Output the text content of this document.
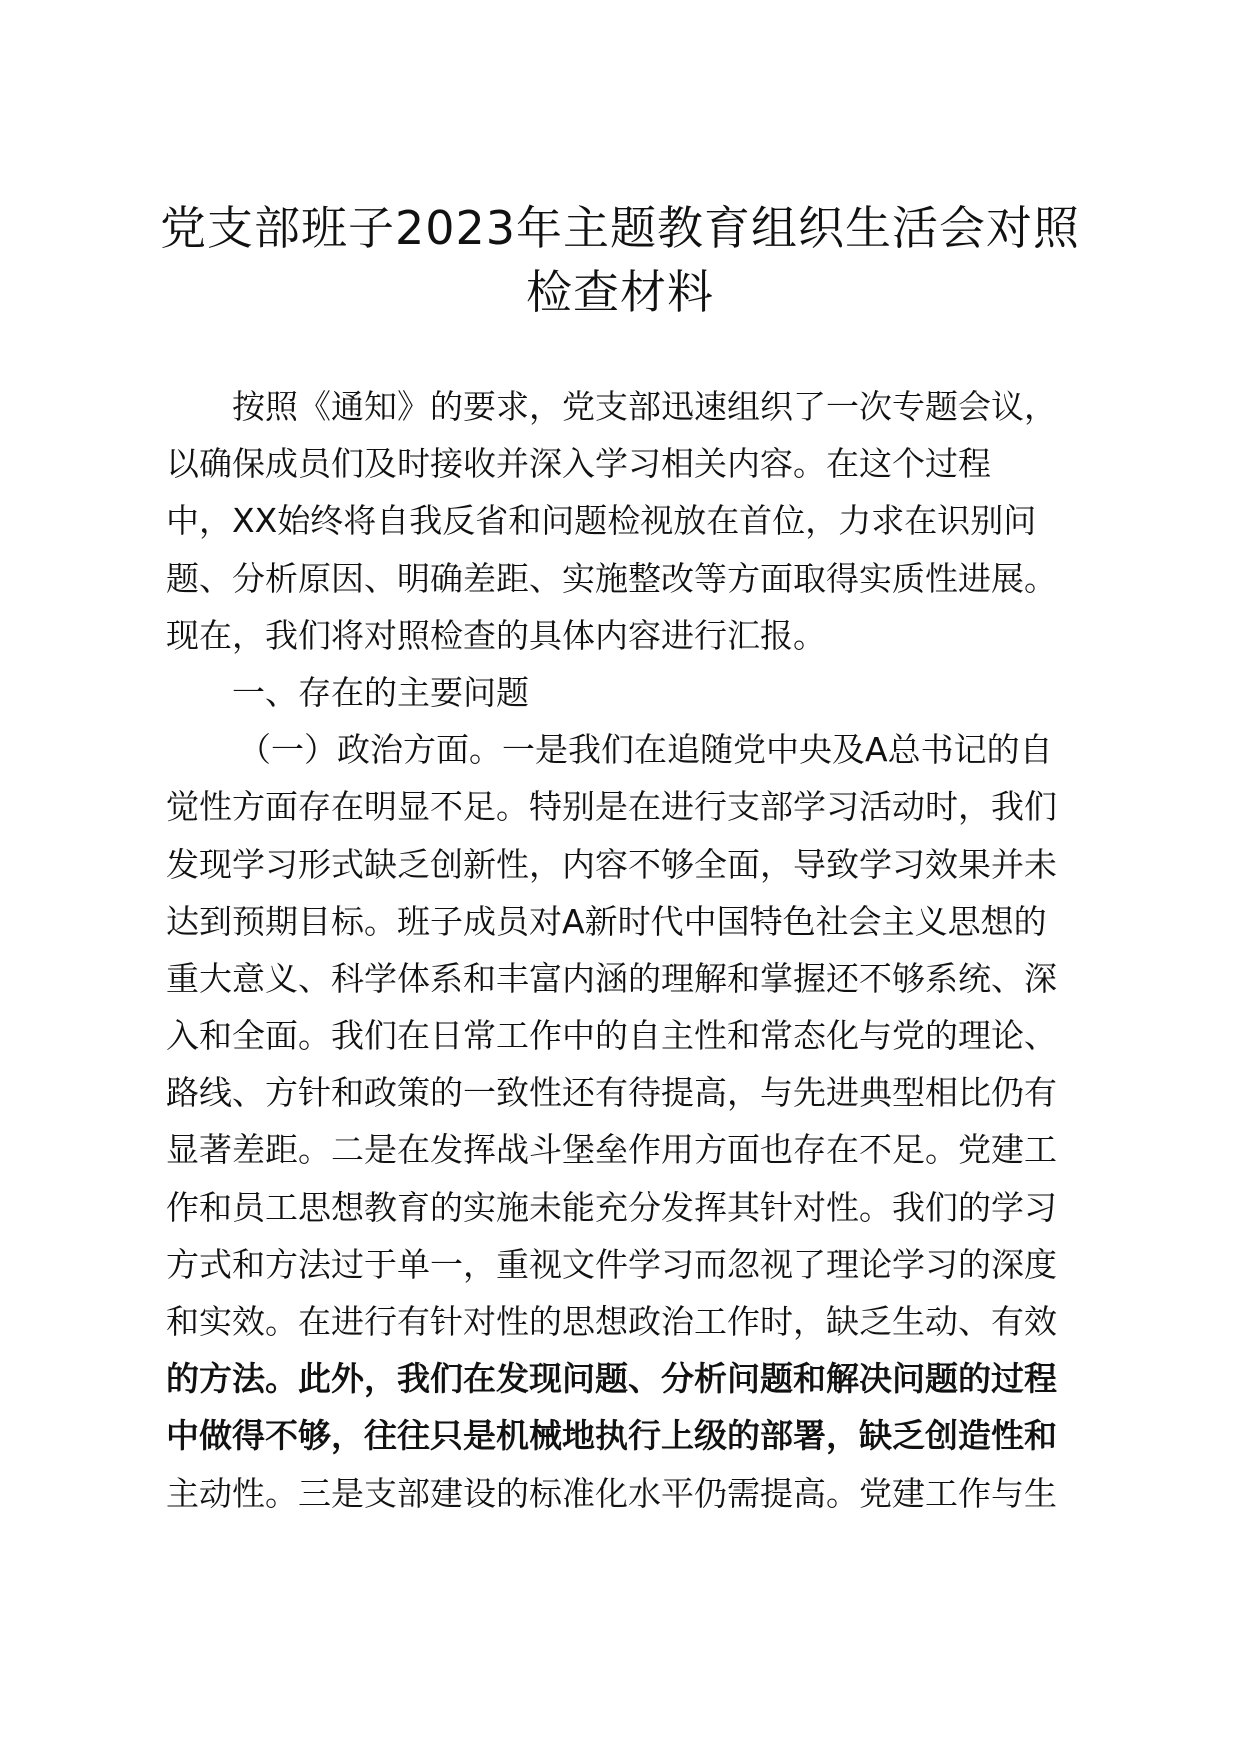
党支部班子2023年主题教育组织生活会对照
检查材料
按照《通知》的要求，党支部迅速组织了一次专题会议，
以确保成员们及时接收并深入学习相关内容。在这个过程
中，XX始终将自我反省和问题检视放在首位，力求在识别问
题、分析原因、明确差距、实施整改等方面取得实质性进展。
现在，我们将对照检查的具体内容进行汇报。
一、存在的主要问题
（一）政治方面。一是我们在追随党中央及A总书记的自
觉性方面存在明显不足。特别是在进行支部学习活动时，我们
发现学习形式缺乏创新性，内容不够全面，导致学习效果并未
达到预期目标。班子成员对A新时代中国特色社会主义思想的
重大意义、科学体系和丰富内涵的理解和掌握还不够系统、深
入和全面。我们在日常工作中的自主性和常态化与党的理论、
路线、方针和政策的一致性还有待提高，与先进典型相比仍有
显著差距。二是在发挥战斗堡垒作用方面也存在不足。党建工
作和员工思想教育的实施未能充分发挥其针对性。我们的学习
方式和方法过于单一，重视文件学习而忽视了理论学习的深度
和实效。在进行有针对性的思想政治工作时，缺乏生动、有效
的方法。此外，我们在发现问题、分析问题和解决问题的过程
中做得不够，往往只是机械地执行上级的部署，缺乏创造性和
主动性。三是支部建设的标准化水平仍需提高。党建工作与生
